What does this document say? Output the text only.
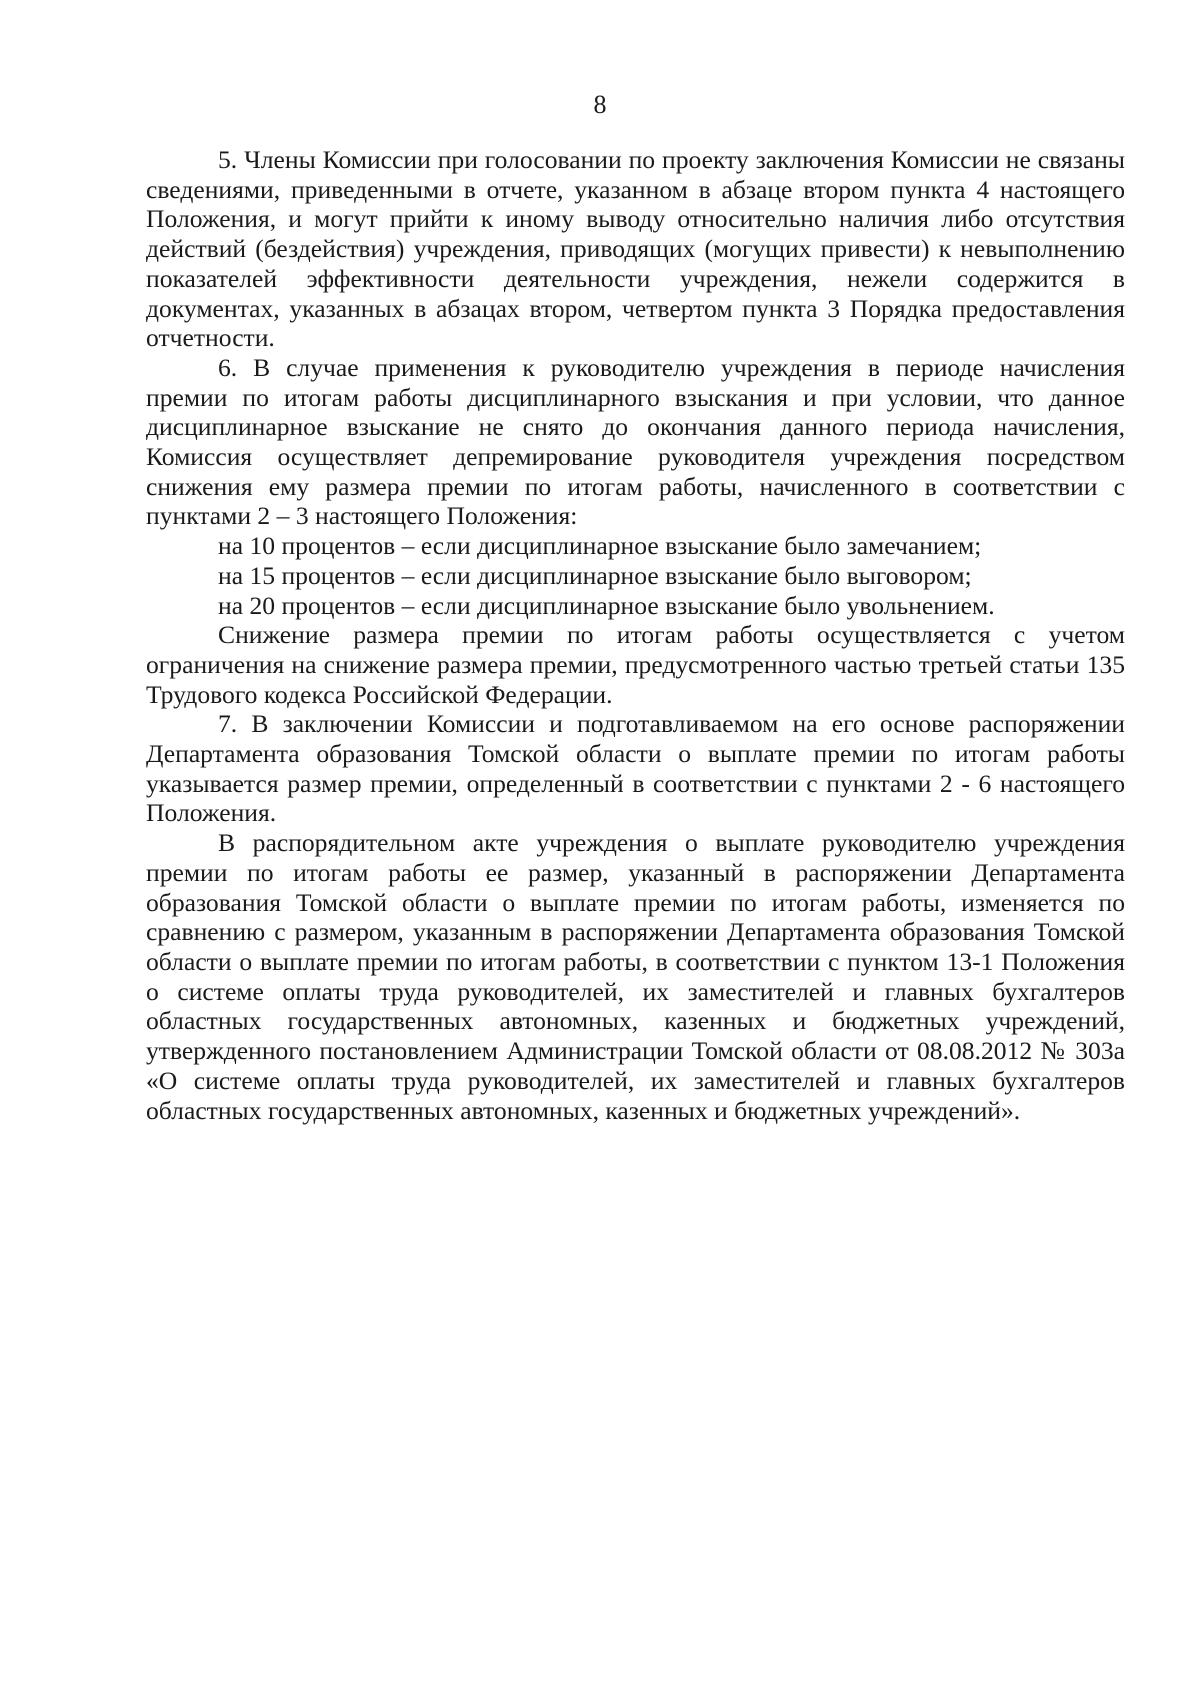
8

5. Члены Комиссии при голосовании по проекту заключения Комиссии не связаны сведениями, приведенными в отчете, указанном в абзаце втором пункта 4 настоящего Положения, и могут прийти к иному выводу относительно наличия либо отсутствия действий (бездействия) учреждения, приводящих (могущих привести) к невыполнению показателей эффективности деятельности учреждения, нежели содержится в документах, указанных в абзацах втором, четвертом пункта 3 Порядка предоставления отчетности.

6. В случае применения к руководителю учреждения в периоде начисления премии по итогам работы дисциплинарного взыскания и при условии, что данное дисциплинарное взыскание не снято до окончания данного периода начисления, Комиссия осуществляет депремирование руководителя учреждения посредством снижения ему размера премии по итогам работы, начисленного в соответствии с пунктами 2 – 3 настоящего Положения:

на 10 процентов – если дисциплинарное взыскание было замечанием;

на 15 процентов – если дисциплинарное взыскание было выговором;

на 20 процентов – если дисциплинарное взыскание было увольнением.

Снижение размера премии по итогам работы осуществляется с учетом ограничения на снижение размера премии, предусмотренного частью третьей статьи 135 Трудового кодекса Российской Федерации.

7. В заключении Комиссии и подготавливаемом на его основе распоряжении Департамента образования Томской области о выплате премии по итогам работы указывается размер премии, определенный в соответствии с пунктами 2 - 6 настоящего Положения.

В распорядительном акте учреждения о выплате руководителю учреждения премии по итогам работы ее размер, указанный в распоряжении Департамента образования Томской области о выплате премии по итогам работы, изменяется по сравнению с размером, указанным в распоряжении Департамента образования Томской области о выплате премии по итогам работы, в соответствии с пунктом 13-1 Положения о системе оплаты труда руководителей, их заместителей и главных бухгалтеров областных государственных автономных, казенных и бюджетных учреждений, утвержденного постановлением Администрации Томской области от 08.08.2012 № 303а «О системе оплаты труда руководителей, их заместителей и главных бухгалтеров областных государственных автономных, казенных и бюджетных учреждений».
